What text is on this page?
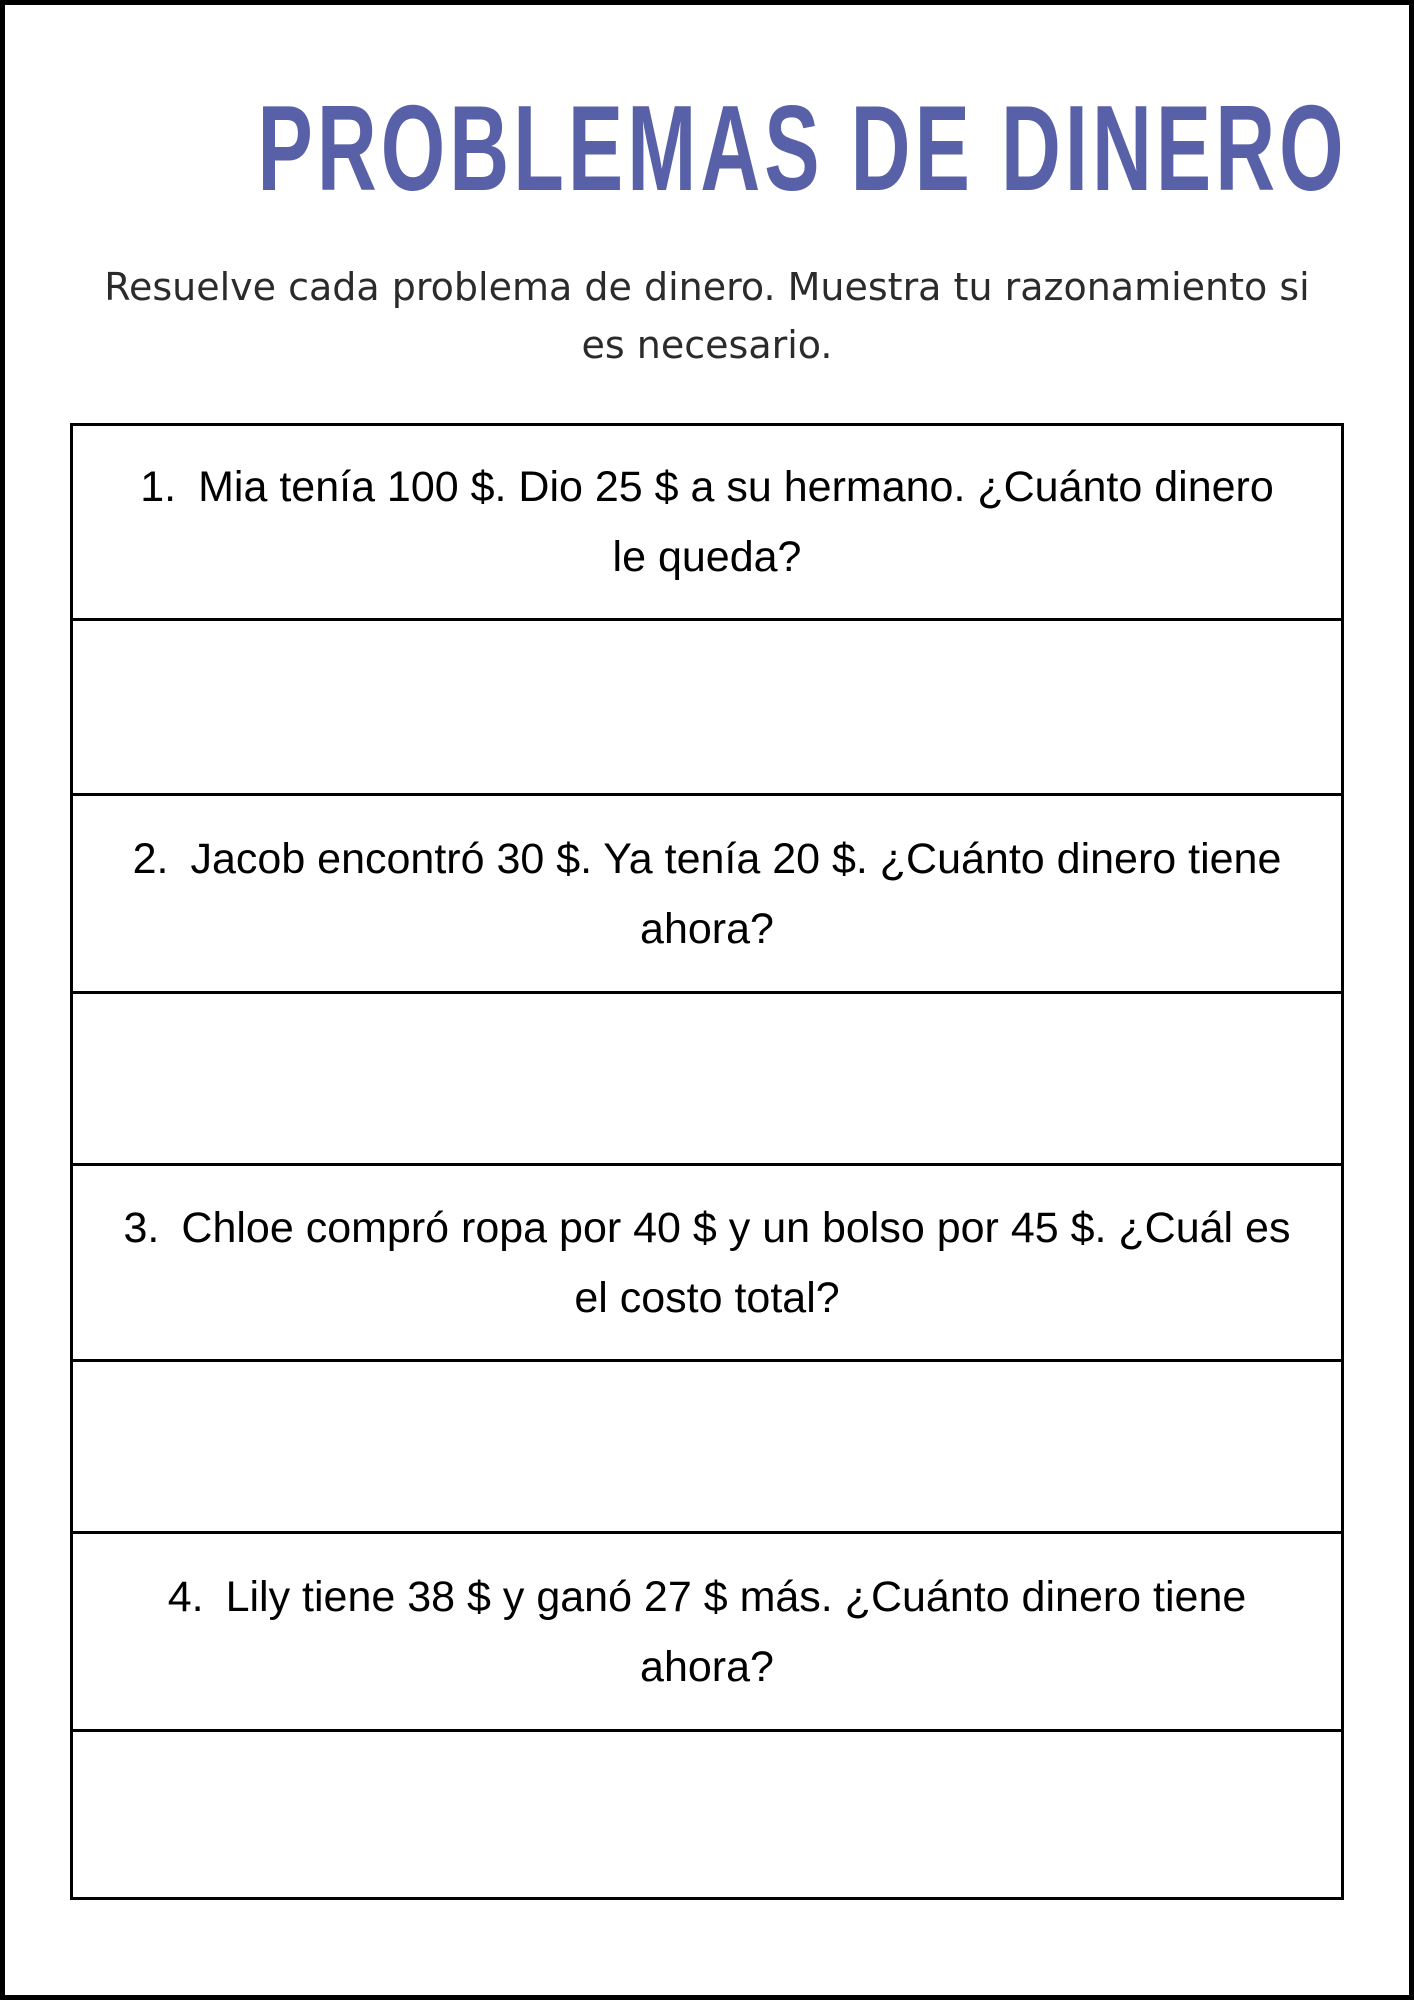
PROBLEMAS DE DINERO
Resuelve cada problema de dinero. Muestra tu razonamiento si es necesario.
1. Mia tenía 100 $. Dio 25 $ a su hermano. ¿Cuánto dinero le queda?
2. Jacob encontró 30 $. Ya tenía 20 $. ¿Cuánto dinero tiene ahora?
3. Chloe compró ropa por 40 $ y un bolso por 45 $. ¿Cuál es el costo total?
4. Lily tiene 38 $ y ganó 27 $ más. ¿Cuánto dinero tiene ahora?
